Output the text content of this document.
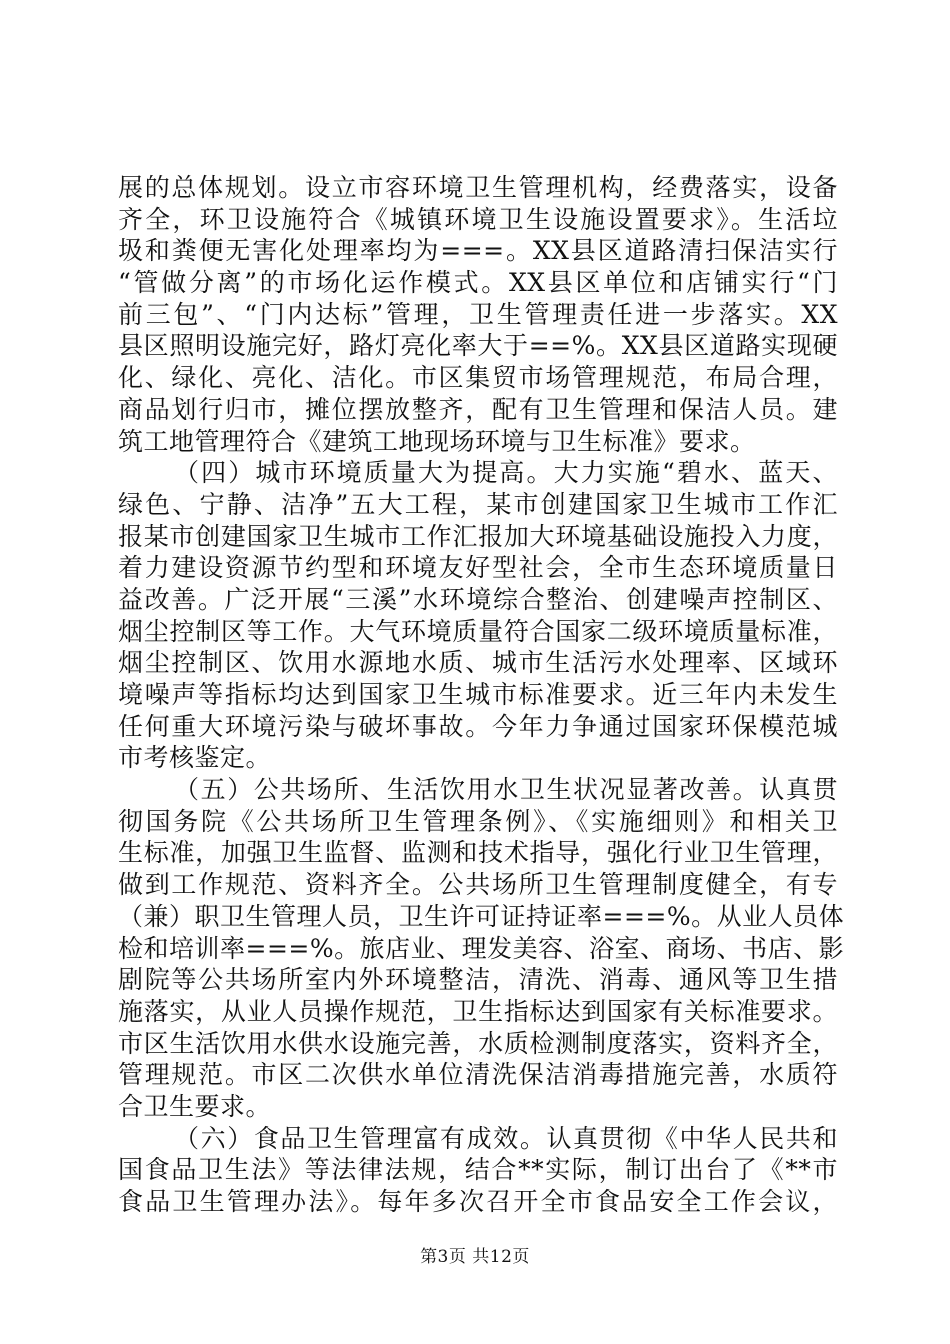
展的总体规划。设立市容环境卫生管理机构，经费落实，设备
齐全，环卫设施符合《城镇环境卫生设施设置要求》。生活垃
圾和粪便无害化处理率均为===。XX县区道路清扫保洁实行
“管做分离”的市场化运作模式。XX县区单位和店铺实行“门
前三包”、“门内达标”管理，卫生管理责任进一步落实。XX
县区照明设施完好，路灯亮化率大于==%。XX县区道路实现硬
化、绿化、亮化、洁化。市区集贸市场管理规范，布局合理，
商品划行归市，摊位摆放整齐，配有卫生管理和保洁人员。建
筑工地管理符合《建筑工地现场环境与卫生标准》要求。
（四）城市环境质量大为提高。大力实施“碧水、蓝天、
绿色、宁静、洁净”五大工程，某市创建国家卫生城市工作汇
报某市创建国家卫生城市工作汇报加大环境基础设施投入力度，
着力建设资源节约型和环境友好型社会，全市生态环境质量日
益改善。广泛开展“三溪”水环境综合整治、创建噪声控制区、
烟尘控制区等工作。大气环境质量符合国家二级环境质量标准，
烟尘控制区、饮用水源地水质、城市生活污水处理率、区域环
境噪声等指标均达到国家卫生城市标准要求。近三年内未发生
任何重大环境污染与破坏事故。今年力争通过国家环保模范城
市考核鉴定。
（五）公共场所、生活饮用水卫生状况显著改善。认真贯
彻国务院《公共场所卫生管理条例》、《实施细则》和相关卫
生标准，加强卫生监督、监测和技术指导，强化行业卫生管理，
做到工作规范、资料齐全。公共场所卫生管理制度健全，有专
（兼）职卫生管理人员，卫生许可证持证率===%。从业人员体
检和培训率===%。旅店业、理发美容、浴室、商场、书店、影
剧院等公共场所室内外环境整洁，清洗、消毒、通风等卫生措
施落实，从业人员操作规范，卫生指标达到国家有关标准要求。
市区生活饮用水供水设施完善，水质检测制度落实，资料齐全，
管理规范。市区二次供水单位清洗保洁消毒措施完善，水质符
合卫生要求。
（六）食品卫生管理富有成效。认真贯彻《中华人民共和
国食品卫生法》等法律法规，结合**实际，制订出台了《**市
食品卫生管理办法》。每年多次召开全市食品安全工作会议，
第3页 共12页
